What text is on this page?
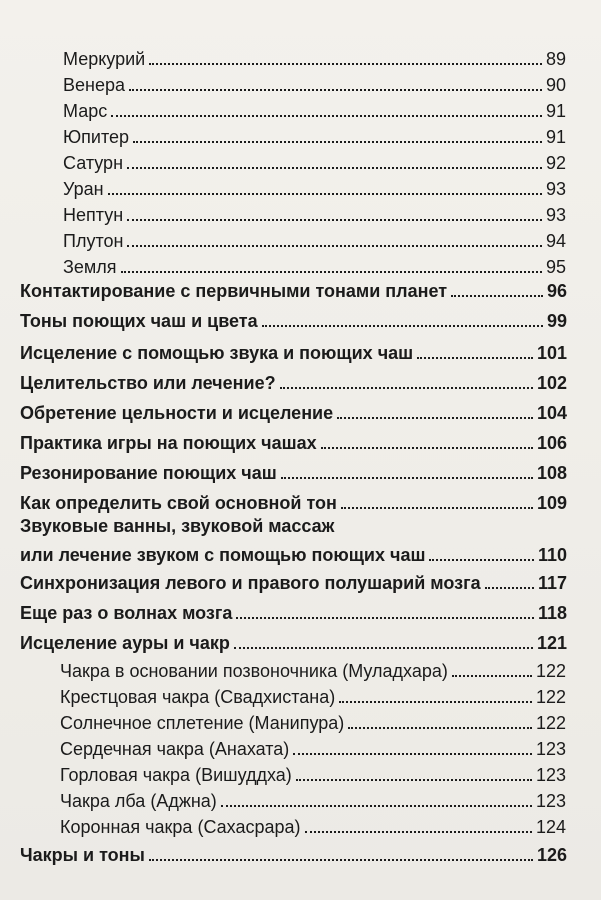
Меркурий	89
Венера	90
Марс	91
Юпитер	91
Сатурн	92
Уран	93
Нептун	93
Плутон	94
Земля	95
Контактирование с первичными тонами планет	96
Тоны поющих чаш и цвета	99
Исцеление с помощью звука и поющих чаш	101
Целительство или лечение?	102
Обретение цельности и исцеление	104
Практика игры на поющих чашах	106
Резонирование поющих чаш	108
Как определить свой основной тон	109
Звуковые ванны, звуковой массаж
или лечение звуком с помощью поющих чаш	110
Синхронизация левого и правого полушарий мозга	117
Еще раз о волнах мозга	118
Исцеление ауры и чакр	121
Чакра в основании позвоночника (Муладхара)	122
Крестцовая чакра (Свадхистана)	122
Солнечное сплетение (Манипура)	122
Сердечная чакра (Анахата)	123
Горловая чакра (Вишуддха)	123
Чакра лба (Аджна)	123
Коронная чакра (Сахасрара)	124
Чакры и тоны	126
